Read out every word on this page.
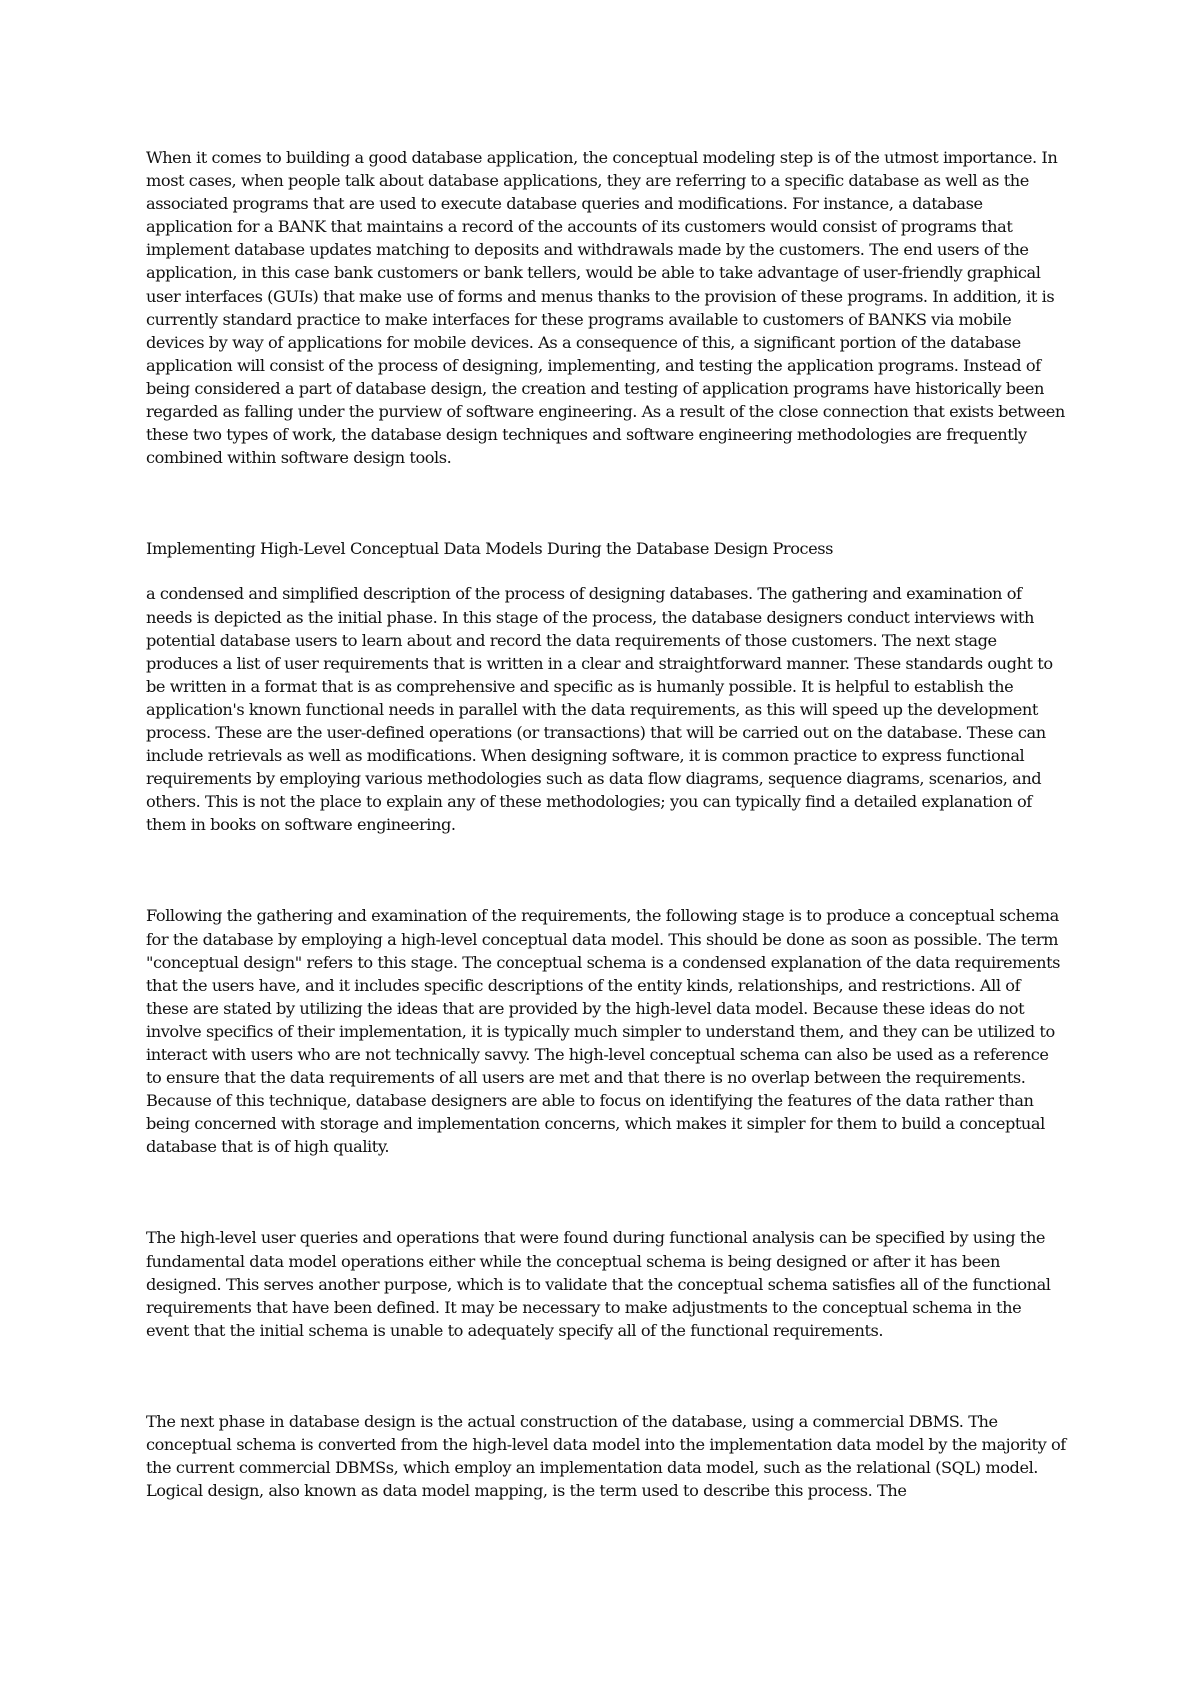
When it comes to building a good database application, the conceptual modeling step is of the utmost importance. In most cases, when people talk about database applications, they are referring to a specific database as well as the associated programs that are used to execute database queries and modifications. For instance, a database application for a BANK that maintains a record of the accounts of its customers would consist of programs that implement database updates matching to deposits and withdrawals made by the customers. The end users of the application, in this case bank customers or bank tellers, would be able to take advantage of user-friendly graphical user interfaces (GUIs) that make use of forms and menus thanks to the provision of these programs. In addition, it is currently standard practice to make interfaces for these programs available to customers of BANKS via mobile devices by way of applications for mobile devices. As a consequence of this, a significant portion of the database application will consist of the process of designing, implementing, and testing the application programs. Instead of being considered a part of database design, the creation and testing of application programs have historically been regarded as falling under the purview of software engineering. As a result of the close connection that exists between these two types of work, the database design techniques and software engineering methodologies are frequently combined within software design tools.

Implementing High-Level Conceptual Data Models During the Database Design Process

a condensed and simplified description of the process of designing databases. The gathering and examination of needs is depicted as the initial phase. In this stage of the process, the database designers conduct interviews with potential database users to learn about and record the data requirements of those customers. The next stage produces a list of user requirements that is written in a clear and straightforward manner. These standards ought to be written in a format that is as comprehensive and specific as is humanly possible. It is helpful to establish the application's known functional needs in parallel with the data requirements, as this will speed up the development process. These are the user-defined operations (or transactions) that will be carried out on the database. These can include retrievals as well as modifications. When designing software, it is common practice to express functional requirements by employing various methodologies such as data flow diagrams, sequence diagrams, scenarios, and others. This is not the place to explain any of these methodologies; you can typically find a detailed explanation of them in books on software engineering.

Following the gathering and examination of the requirements, the following stage is to produce a conceptual schema for the database by employing a high-level conceptual data model. This should be done as soon as possible. The term "conceptual design" refers to this stage. The conceptual schema is a condensed explanation of the data requirements that the users have, and it includes specific descriptions of the entity kinds, relationships, and restrictions. All of these are stated by utilizing the ideas that are provided by the high-level data model. Because these ideas do not involve specifics of their implementation, it is typically much simpler to understand them, and they can be utilized to interact with users who are not technically savvy. The high-level conceptual schema can also be used as a reference to ensure that the data requirements of all users are met and that there is no overlap between the requirements. Because of this technique, database designers are able to focus on identifying the features of the data rather than being concerned with storage and implementation concerns, which makes it simpler for them to build a conceptual database that is of high quality.

The high-level user queries and operations that were found during functional analysis can be specified by using the fundamental data model operations either while the conceptual schema is being designed or after it has been designed. This serves another purpose, which is to validate that the conceptual schema satisfies all of the functional requirements that have been defined. It may be necessary to make adjustments to the conceptual schema in the event that the initial schema is unable to adequately specify all of the functional requirements.

The next phase in database design is the actual construction of the database, using a commercial DBMS. The conceptual schema is converted from the high-level data model into the implementation data model by the majority of the current commercial DBMSs, which employ an implementation data model, such as the relational (SQL) model. Logical design, also known as data model mapping, is the term used to describe this process. The
